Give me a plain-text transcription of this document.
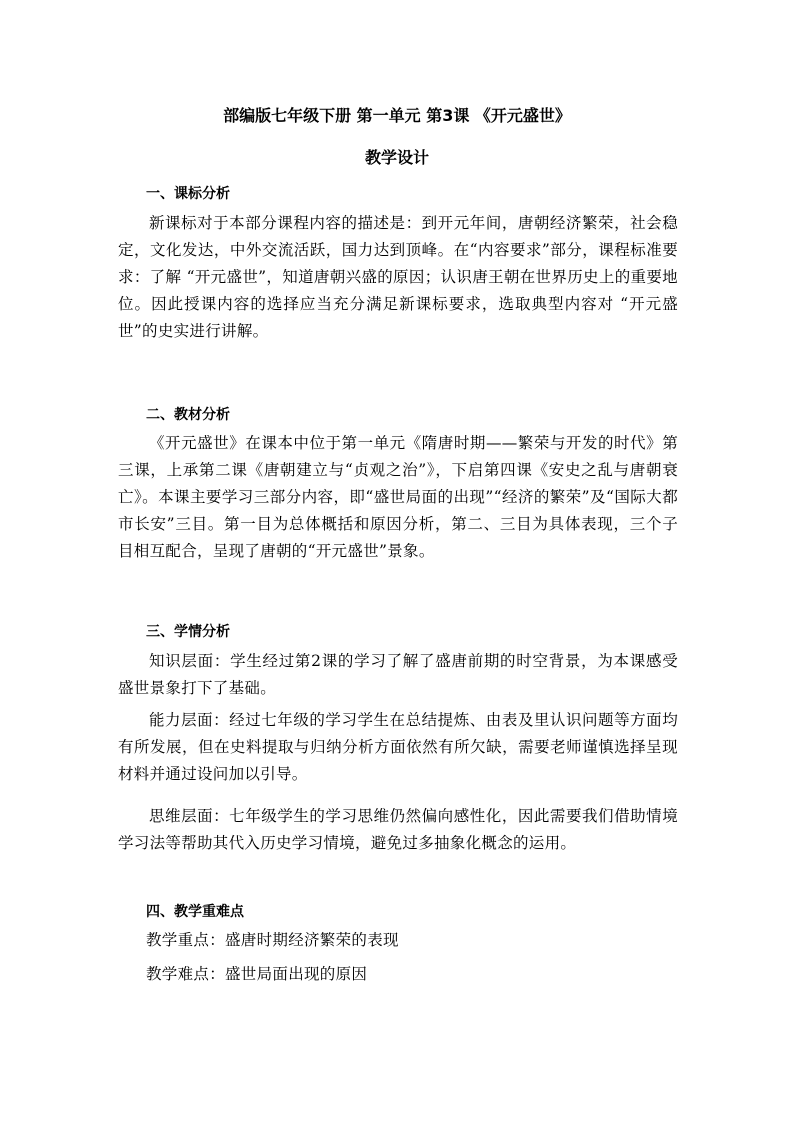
部编版七年级下册 第一单元 第3课 《开元盛世》
教学设计
一、课标分析
新课标对于本部分课程内容的描述是：到开元年间，唐朝经济繁荣，社会稳定，文化发达，中外交流活跃，国力达到顶峰。在“内容要求”部分，课程标准要求：了解 “开元盛世”，知道唐朝兴盛的原因；认识唐王朝在世界历史上的重要地位。因此授课内容的选择应当充分满足新课标要求，选取典型内容对 “开元盛世”的史实进行讲解。
二、教材分析
《开元盛世》在课本中位于第一单元《隋唐时期——繁荣与开发的时代》第三课，上承第二课《唐朝建立与“贞观之治”》，下启第四课《安史之乱与唐朝衰亡》。本课主要学习三部分内容，即“盛世局面的出现”“经济的繁荣”及“国际大都市长安”三目。第一目为总体概括和原因分析，第二、三目为具体表现，三个子目相互配合，呈现了唐朝的“开元盛世”景象。
三、学情分析
知识层面：学生经过第2课的学习了解了盛唐前期的时空背景，为本课感受盛世景象打下了基础。
能力层面：经过七年级的学习学生在总结提炼、由表及里认识问题等方面均有所发展，但在史料提取与归纳分析方面依然有所欠缺，需要老师谨慎选择呈现材料并通过设问加以引导。
思维层面：七年级学生的学习思维仍然偏向感性化，因此需要我们借助情境学习法等帮助其代入历史学习情境，避免过多抽象化概念的运用。
四、教学重难点
教学重点：盛唐时期经济繁荣的表现
教学难点：盛世局面出现的原因
